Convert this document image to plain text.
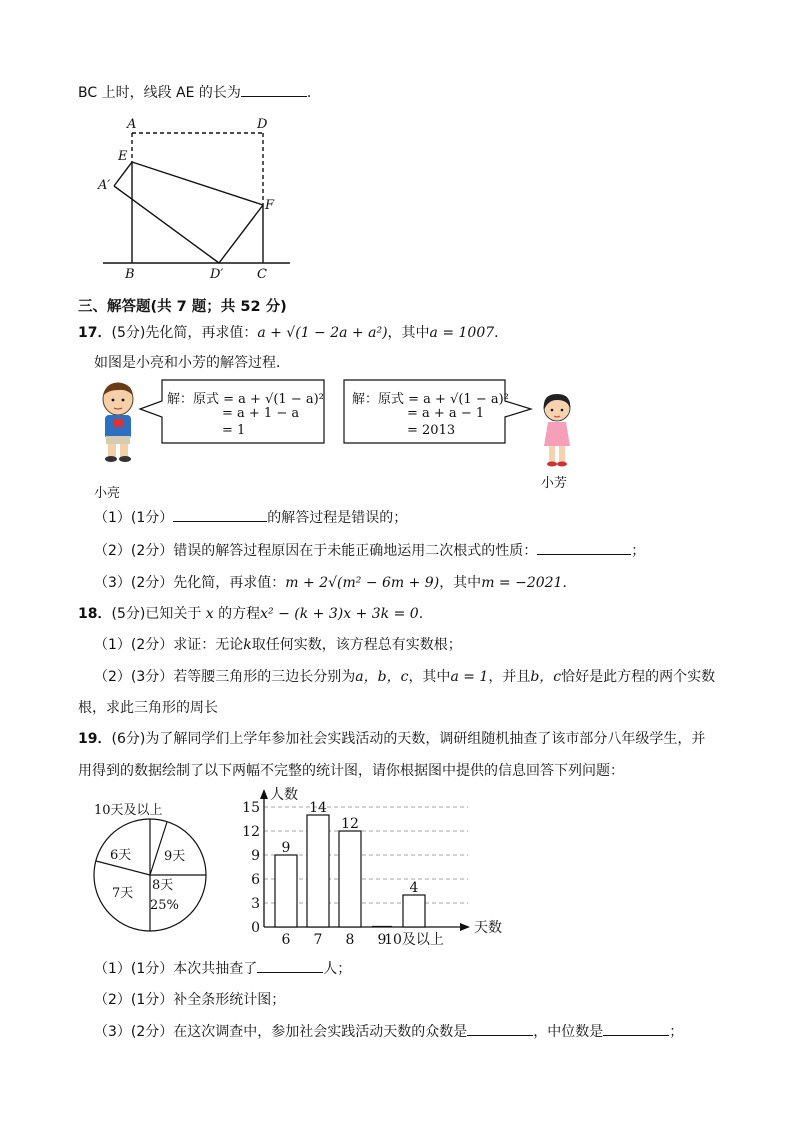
BC 上时，线段 AE 的长为	.
A	D
E
A′
F
B	D′	C
三、解答题(共 7 题；共 52 分)
17．(5分)先化简，再求值：a + √(1 − 2a + a²)，其中a = 1007．
如图是小亮和小芳的解答过程．
小亮
解：原式 = a + √(1 − a)²
= a + 1 − a
= 1
解：原式 = a + √(1 − a)²
= a + a − 1
= 2013
小芳
（1）(1分）	的解答过程是错误的；
（2）(2分）错误的解答过程原因在于未能正确地运用二次根式的性质：	；
（3）(2分）先化简，再求值：m + 2√(m² − 6m + 9)，其中m = −2021．
18．(5分)已知关于 x 的方程x² − (k + 3)x + 3k = 0.
（1）(2分）求证：无论k取任何实数，该方程总有实数根；
（2）(3分）若等腰三角形的三边长分别为a，b，c，其中a = 1，并且b，c恰好是此方程的两个实数
根，求此三角形的周长
19．(6分)为了解同学们上学年参加社会实践活动的天数，调研组随机抽查了该市部分八年级学生，并
用得到的数据绘制了以下两幅不完整的统计图，请你根据图中提供的信息回答下列问题：
10天及以上
6天	9天
7天
8天
25%
0
3
6
9
12
15
人数
天数
9
6
14
7
12
8 9
4
10及以上
（1）(1分）本次共抽查了	人；
（2）(1分）补全条形统计图；
（3）(2分）在这次调查中，参加社会实践活动天数的众数是	，中位数是	；
